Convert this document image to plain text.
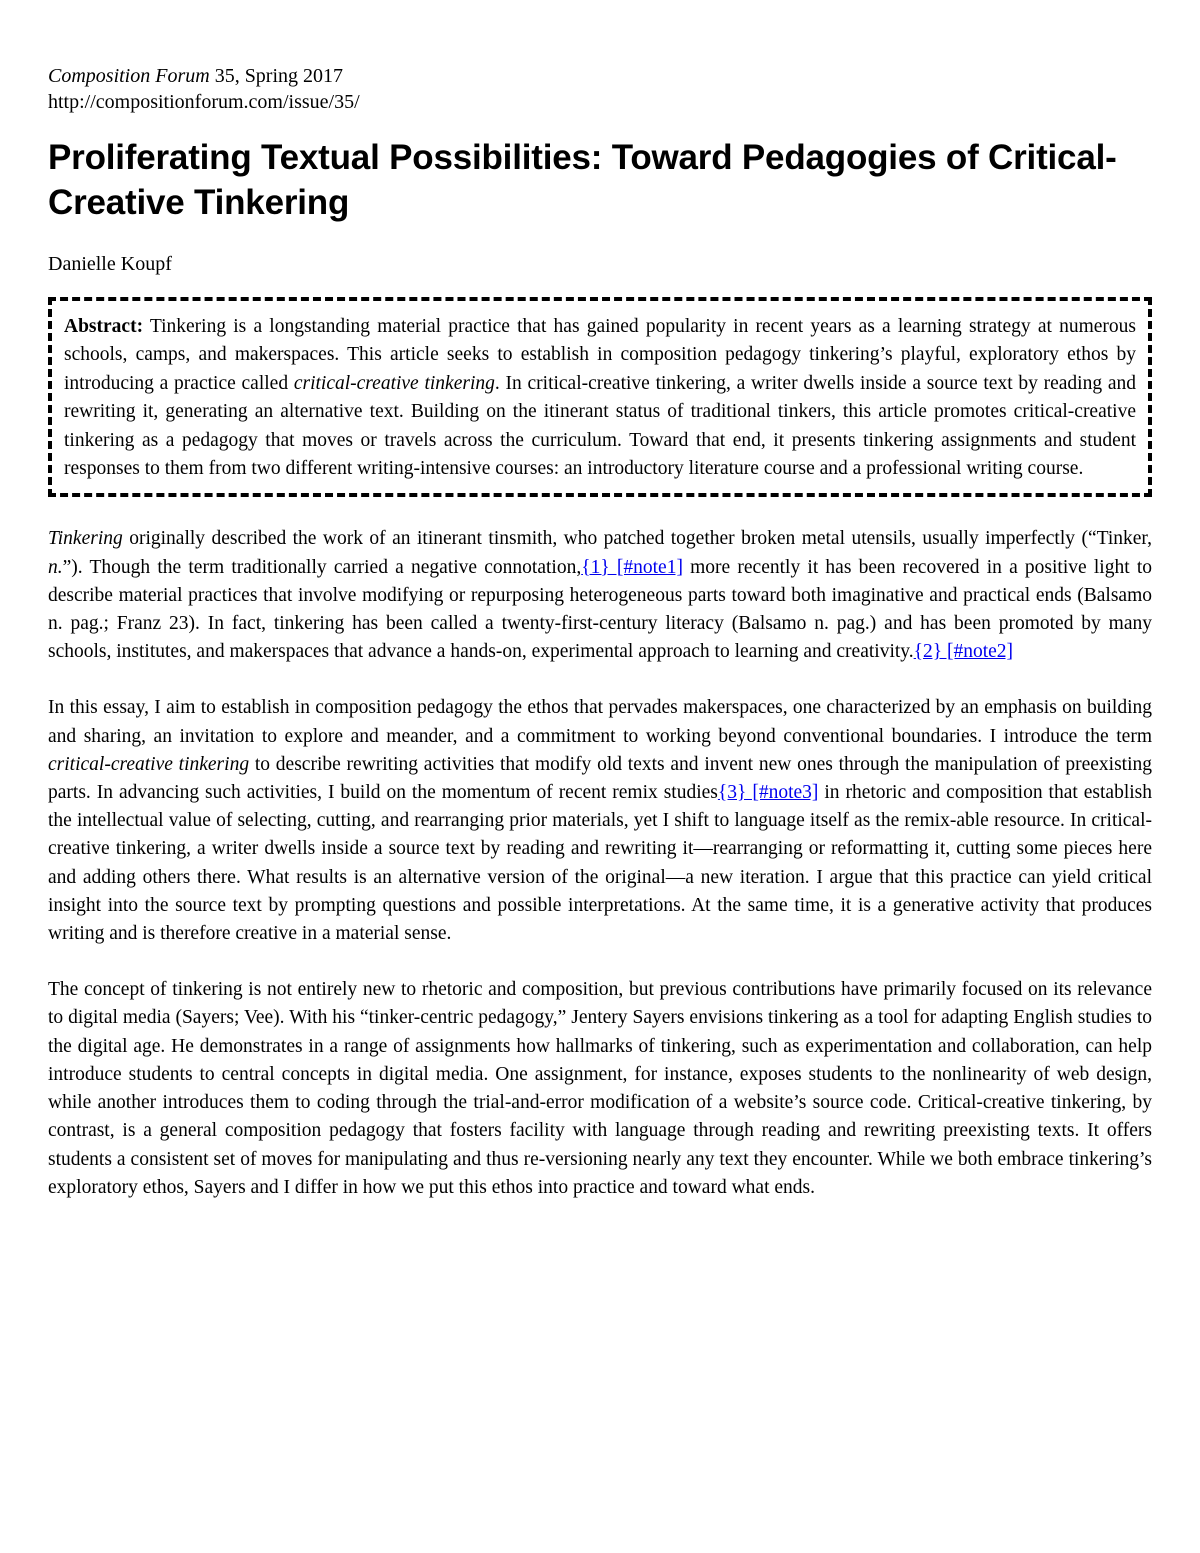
Composition Forum 35, Spring 2017
http://compositionforum.com/issue/35/
Proliferating Textual Possibilities: Toward Pedagogies of Critical-Creative Tinkering
Danielle Koupf
Abstract: Tinkering is a longstanding material practice that has gained popularity in recent years as a learning strategy at numerous schools, camps, and makerspaces. This article seeks to establish in composition pedagogy tinkering’s playful, exploratory ethos by introducing a practice called critical-creative tinkering. In critical-creative tinkering, a writer dwells inside a source text by reading and rewriting it, generating an alternative text. Building on the itinerant status of traditional tinkers, this article promotes critical-creative tinkering as a pedagogy that moves or travels across the curriculum. Toward that end, it presents tinkering assignments and student responses to them from two different writing-intensive courses: an introductory literature course and a professional writing course.

Tinkering originally described the work of an itinerant tinsmith, who patched together broken metal utensils, usually imperfectly (“Tinker, n.”). Though the term traditionally carried a negative connotation,{1} [#note1] more recently it has been recovered in a positive light to describe material practices that involve modifying or repurposing heterogeneous parts toward both imaginative and practical ends (Balsamo n. pag.; Franz 23). In fact, tinkering has been called a twenty-first-century literacy (Balsamo n. pag.) and has been promoted by many schools, institutes, and makerspaces that advance a hands-on, experimental approach to learning and creativity.{2} [#note2]

In this essay, I aim to establish in composition pedagogy the ethos that pervades makerspaces, one characterized by an emphasis on building and sharing, an invitation to explore and meander, and a commitment to working beyond conventional boundaries. I introduce the term critical-creative tinkering to describe rewriting activities that modify old texts and invent new ones through the manipulation of preexisting parts. In advancing such activities, I build on the momentum of recent remix studies{3} [#note3] in rhetoric and composition that establish the intellectual value of selecting, cutting, and rearranging prior materials, yet I shift to language itself as the remix-able resource. In critical-creative tinkering, a writer dwells inside a source text by reading and rewriting it—rearranging or reformatting it, cutting some pieces here and adding others there. What results is an alternative version of the original—a new iteration. I argue that this practice can yield critical insight into the source text by prompting questions and possible interpretations. At the same time, it is a generative activity that produces writing and is therefore creative in a material sense.

The concept of tinkering is not entirely new to rhetoric and composition, but previous contributions have primarily focused on its relevance to digital media (Sayers; Vee). With his “tinker-centric pedagogy,” Jentery Sayers envisions tinkering as a tool for adapting English studies to the digital age. He demonstrates in a range of assignments how hallmarks of tinkering, such as experimentation and collaboration, can help introduce students to central concepts in digital media. One assignment, for instance, exposes students to the nonlinearity of web design, while another introduces them to coding through the trial-and-error modification of a website’s source code. Critical-creative tinkering, by contrast, is a general composition pedagogy that fosters facility with language through reading and rewriting preexisting texts. It offers students a consistent set of moves for manipulating and thus re-versioning nearly any text they encounter. While we both embrace tinkering’s exploratory ethos, Sayers and I differ in how we put this ethos into practice and toward what ends.
